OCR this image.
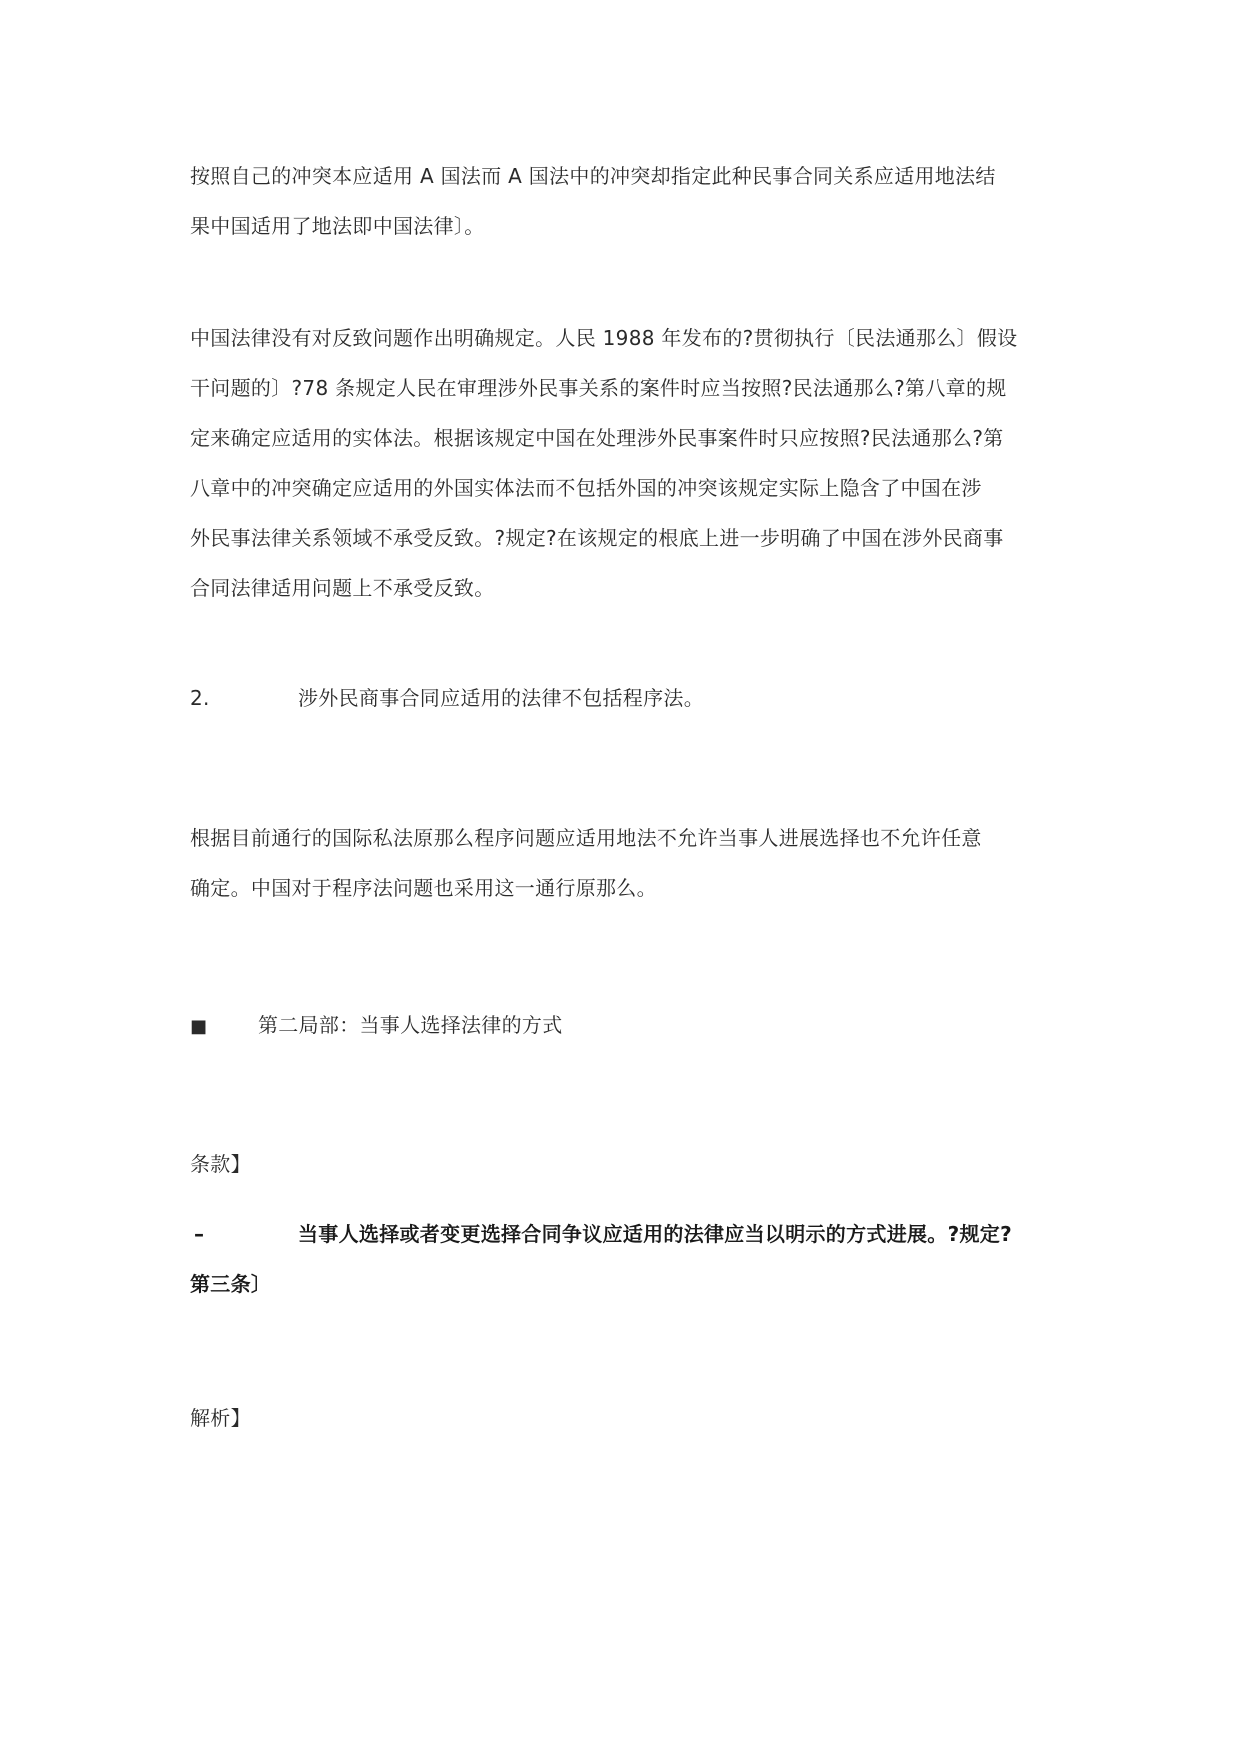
按照自己的冲突本应适用 A 国法而 A 国法中的冲突却指定此种民事合同关系应适用地法结
果中国适用了地法即中国法律〕。
中国法律没有对反致问题作出明确规定。人民 1988 年发布的?贯彻执行〔民法通那么〕假设
干问题的〕?78 条规定人民在审理涉外民事关系的案件时应当按照?民法通那么?第八章的规
定来确定应适用的实体法。根据该规定中国在处理涉外民事案件时只应按照?民法通那么?第
八章中的冲突确定应适用的外国实体法而不包括外国的冲突该规定实际上隐含了中国在涉
外民事法律关系领域不承受反致。?规定?在该规定的根底上进一步明确了中国在涉外民商事
合同法律适用问题上不承受反致。
2.	涉外民商事合同应适用的法律不包括程序法。
根据目前通行的国际私法原那么程序问题应适用地法不允许当事人进展选择也不允许任意
确定。中国对于程序法问题也采用这一通行原那么。
■	第二局部：当事人选择法律的方式
条款】
–	当事人选择或者变更选择合同争议应适用的法律应当以明示的方式进展。?规定?
第三条〕
解析】
